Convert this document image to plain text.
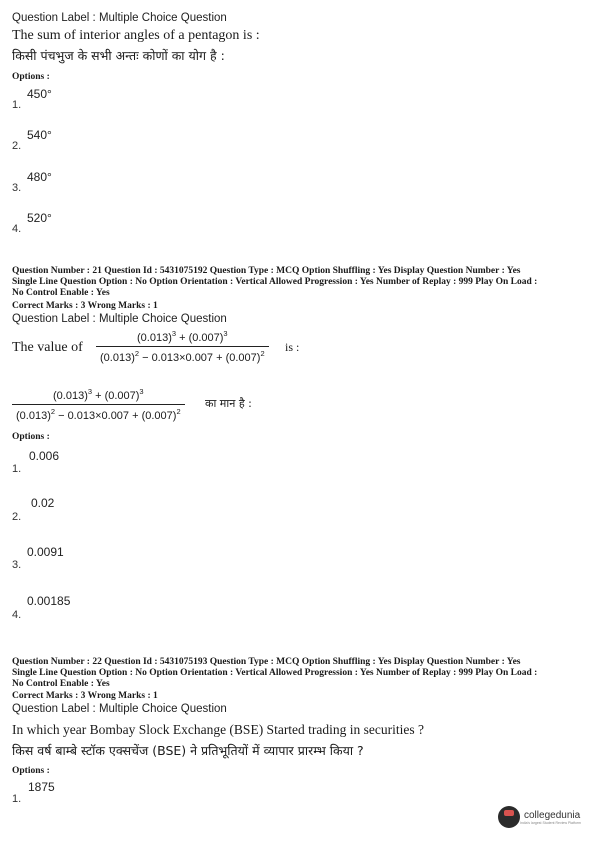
Question Label : Multiple Choice Question
The sum of interior angles of a pentagon is :
किसी पंचभुज के सभी अन्तः कोणों का योग है :
Options :
450°
1.
540°
2.
480°
3.
520°
4.
Question Number : 21 Question Id : 5431075192 Question Type : MCQ Option Shuffling : Yes Display Question Number : Yes
Single Line Question Option : No Option Orientation : Vertical Allowed Progression : Yes Number of Replay : 999 Play On Load :
No Control Enable : Yes
Correct Marks : 3 Wrong Marks : 1
Question Label : Multiple Choice Question
The value of $\frac{(0.013)^3 + (0.007)^3}{(0.013)^2 - 0.013\times 0.007 + (0.007)^2}$ is :
$\frac{(0.013)^3 + (0.007)^3}{(0.013)^2 - 0.013\times 0.007 + (0.007)^2}$ का मान है :
Options :
0.006
1.
0.02
2.
0.0091
3.
0.00185
4.
Question Number : 22 Question Id : 5431075193 Question Type : MCQ Option Shuffling : Yes Display Question Number : Yes
Single Line Question Option : No Option Orientation : Vertical Allowed Progression : Yes Number of Replay : 999 Play On Load :
No Control Enable : Yes
Correct Marks : 3 Wrong Marks : 1
Question Label : Multiple Choice Question
In which year Bombay Slock Exchange (BSE) Started trading in securities ?
किस वर्ष बाम्बे स्टॉक एक्सचेंज (BSE) ने प्रतिभूतियों में व्यापार प्रारम्भ किया ?
Options :
1875
1.
collegedunia
India's largest Student Review Platform
